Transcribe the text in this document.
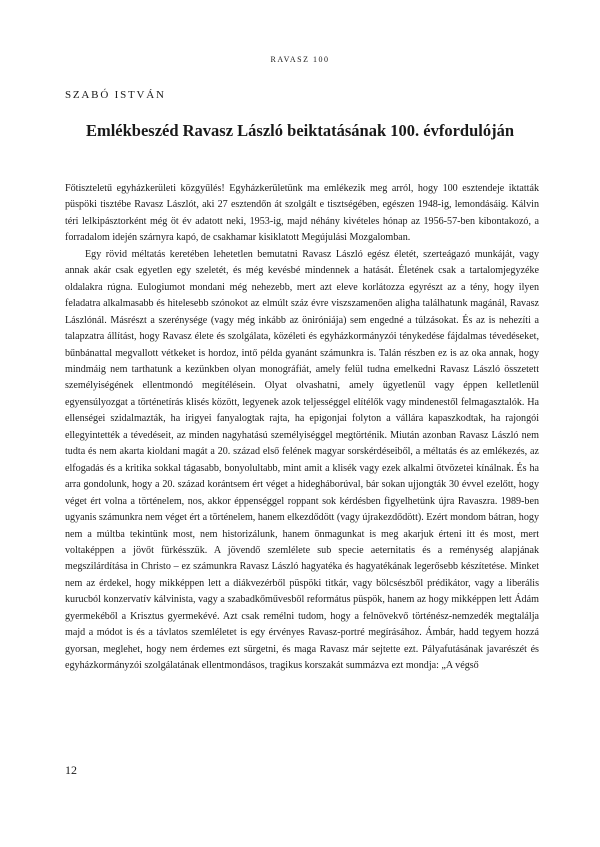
RAVASZ 100
SZABÓ ISTVÁN
Emlékbeszéd Ravasz László beiktatásának 100. évfordulóján

Főtiszteletű egyházkerületi közgyűlés! Egyházkerületünk ma emlékezik meg arról, hogy 100 esztendeje iktatták püspöki tisztébe Ravasz Lászlót, aki 27 esztendőn át szolgált e tisztségében, egészen 1948-ig, lemondásáig. Kálvin téri lelkipásztorként még öt év adatott neki, 1953-ig, majd néhány kivételes hónap az 1956-57-ben kibontakozó, a forradalom idején szárnyra kapó, de csakhamar kisiklatott Megújulási Mozgalomban.

Egy rövid méltatás keretében lehetetlen bemutatni Ravasz László egész életét, szerteágazó munkáját, vagy annak akár csak egyetlen egy szeletét, és még kevésbé mindennek a hatását. Életének csak a tartalomjegyzéke oldalakra rúgna. Eulogiumot mondani még nehezebb, mert azt eleve korlátozza egyrészt az a tény, hogy ilyen feladatra alkalmasabb és hitelesebb szónokot az elmúlt száz évre viszszamenően aligha találhatunk magánál, Ravasz Lászlónál. Másrészt a szerénysége (vagy még inkább az öniróniája) sem engedné a túlzásokat. És az is nehezíti a talapzatra állítást, hogy Ravasz élete és szolgálata, közéleti és egyházkormányzói ténykedése fájdalmas tévedéseket, bűnbánattal megvallott vétkeket is hordoz, intő példa gyanánt számunkra is. Talán részben ez is az oka annak, hogy mindmáig nem tarthatunk a kezünkben olyan monográfiát, amely felül tudna emelkedni Ravasz László összetett személyiségének ellentmondó megítélésein. Olyat olvashatni, amely ügyetlenül vagy éppen kelletlenül egyensúlyozgat a történetírás klisés között, legyenek azok teljességgel elítélők vagy mindenestől felmagasztalók. Ha ellenségei szidalmazták, ha irigyei fanyalogtak rajta, ha epigonjai folyton a vállára kapaszkodtak, ha rajongói ellegyintették a tévedéseit, az minden nagyhatású személyiséggel megtörténik. Miután azonban Ravasz László nem tudta és nem akarta kioldani magát a 20. század első felének magyar sorskérdéseiből, a méltatás és az emlékezés, az elfogadás és a kritika sokkal tágasabb, bonyolultabb, mint amit a klisék vagy ezek alkalmi ötvözetei kínálnak. És ha arra gondolunk, hogy a 20. század korántsem ért véget a hidegháborúval, bár sokan ujjongták 30 évvel ezelőtt, hogy véget ért volna a történelem, nos, akkor éppenséggel roppant sok kérdésben figyelhetünk újra Ravaszra. 1989-ben ugyanis számunkra nem véget ért a történelem, hanem elkezdődött (vagy újrakezdődött). Ezért mondom bátran, hogy nem a múltba tekintünk most, nem historizálunk, hanem önmagunkat is meg akarjuk érteni itt és most, mert voltaképpen a jövőt fürkésszük. A jövendő szemlélete sub specie aeternitatis és a reménység alapjának megszilárdítása in Christo – ez számunkra Ravasz László hagyatéka és hagyatékának legerősebb készítetése. Minket nem az érdekel, hogy mikképpen lett a diákvezérből püspöki titkár, vagy bölcsészből prédikátor, vagy a liberális kurucból konzervatív kálvinista, vagy a szabadkőművesből református püspök, hanem az hogy mikképpen lett Ádám gyermekéből a Krisztus gyermekévé. Azt csak remélni tudom, hogy a felnövekvő történész-nemzedék megtalálja majd a módot is és a távlatos szemléletet is egy érvényes Ravasz-portré megírásához. Ámbár, hadd tegyem hozzá gyorsan, meglehet, hogy nem érdemes ezt sürgetni, és maga Ravasz már sejtette ezt. Pályafutásának javarészét és egyházkormányzói szolgálatának ellentmondásos, tragikus korszakát summázva ezt mondja: „A végső

12
